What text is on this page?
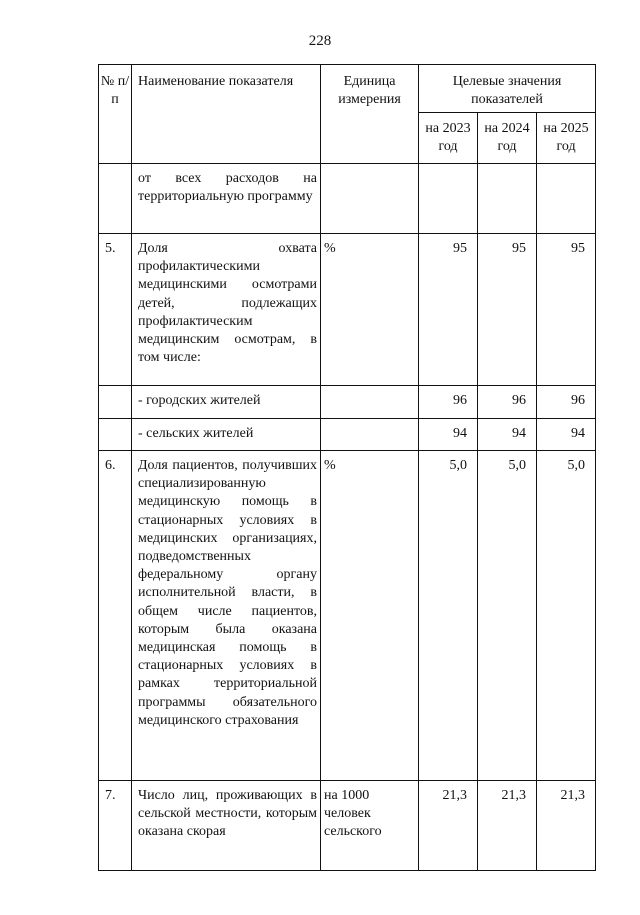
228
№ п/п	Наименование показателя	Единица измерения	Целевые значения показателей		
			на 2023 год	на 2024 год	на 2025 год
	от всех расходов на территориальную программу				
5.	Доля охвата профилактическими медицинскими осмотрами детей, подлежащих профилактическим медицинским осмотрам, в том числе:	%	95	95	95
	- городских жителей		96	96	96
	- сельских жителей		94	94	94
6.	Доля пациентов, получивших специализированную медицинскую помощь в стационарных условиях в медицинских организациях, подведомственных федеральному органу исполнительной власти, в общем числе пациентов, которым была оказана медицинская помощь в стационарных условиях в рамках территориальной программы обязательного медицинского страхования	%	5,0	5,0	5,0
7.	Число лиц, проживающих в сельской местности, которым оказана скорая	на 1000 человек сельского	21,3	21,3	21,3
